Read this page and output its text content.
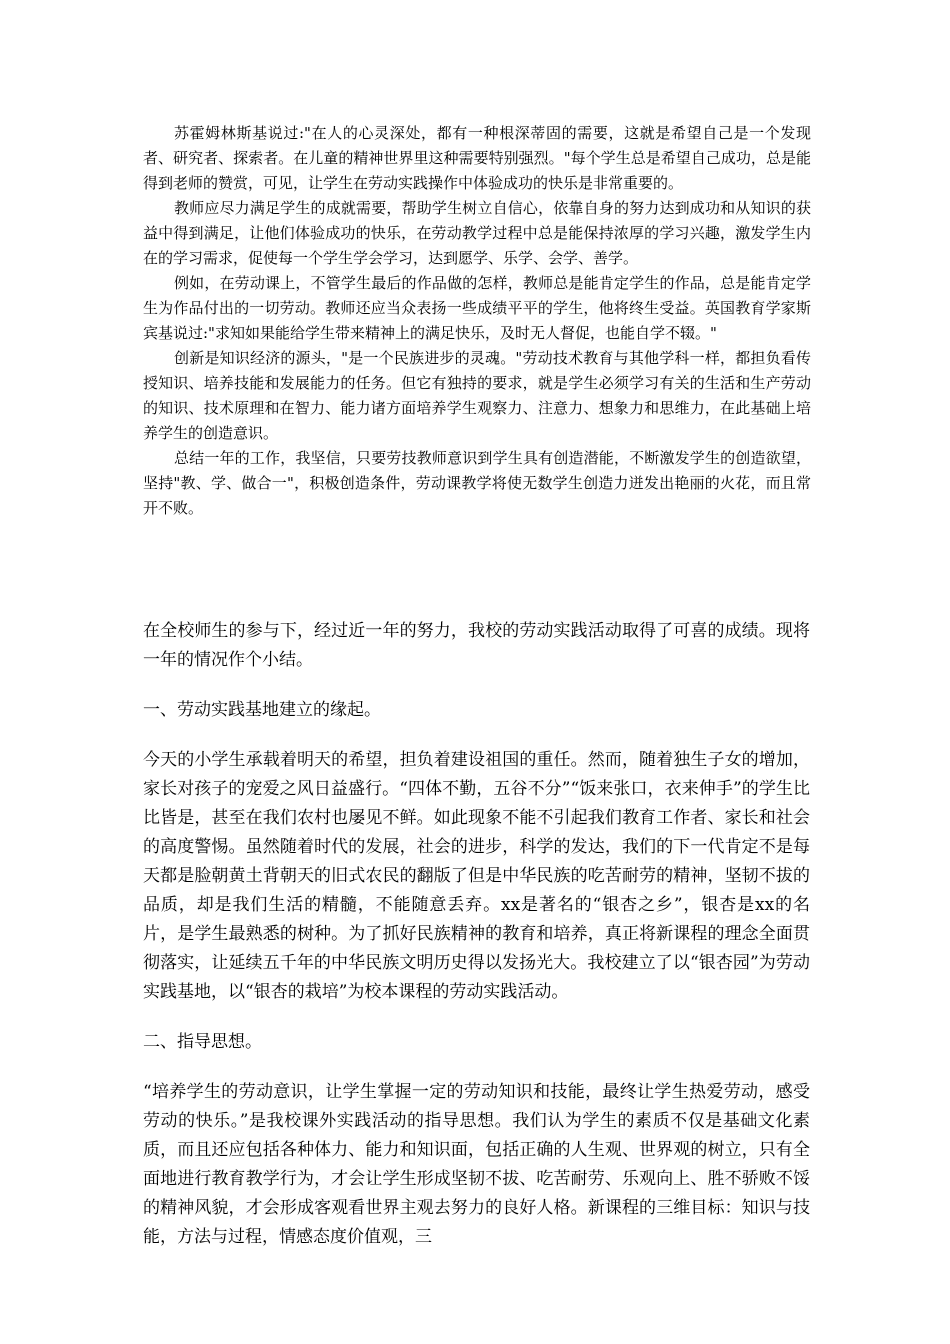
苏霍姆林斯基说过:"在人的心灵深处，都有一种根深蒂固的需要，这就是希望自己是一个发现者、研究者、探索者。在儿童的精神世界里这种需要特别强烈。"每个学生总是希望自己成功，总是能得到老师的赞赏，可见，让学生在劳动实践操作中体验成功的快乐是非常重要的。

教师应尽力满足学生的成就需要，帮助学生树立自信心，依靠自身的努力达到成功和从知识的获益中得到满足，让他们体验成功的快乐，在劳动教学过程中总是能保持浓厚的学习兴趣，激发学生内在的学习需求，促使每一个学生学会学习，达到愿学、乐学、会学、善学。

例如，在劳动课上，不管学生最后的作品做的怎样，教师总是能肯定学生的作品，总是能肯定学生为作品付出的一切劳动。教师还应当众表扬一些成绩平平的学生，他将终生受益。英国教育学家斯宾基说过:"求知如果能给学生带来精神上的满足快乐，及时无人督促，也能自学不辍。"

创新是知识经济的源头，"是一个民族进步的灵魂。"劳动技术教育与其他学科一样，都担负看传授知识、培养技能和发展能力的任务。但它有独持的要求，就是学生必须学习有关的生活和生产劳动的知识、技术原理和在智力、能力诸方面培养学生观察力、注意力、想象力和思维力，在此基础上培养学生的创造意识。

总结一年的工作，我坚信，只要劳技教师意识到学生具有创造潜能，不断激发学生的创造欲望，坚持"教、学、做合一"，积极创造条件，劳动课教学将使无数学生创造力迸发出艳丽的火花，而且常开不败。

在全校师生的参与下，经过近一年的努力，我校的劳动实践活动取得了可喜的成绩。现将一年的情况作个小结。

一、劳动实践基地建立的缘起。

今天的小学生承载着明天的希望，担负着建设祖国的重任。然而，随着独生子女的增加，家长对孩子的宠爱之风日益盛行。“四体不勤，五谷不分”“饭来张口，衣来伸手”的学生比比皆是，甚至在我们农村也屡见不鲜。如此现象不能不引起我们教育工作者、家长和社会的高度警惕。虽然随着时代的发展，社会的进步，科学的发达，我们的下一代肯定不是每天都是脸朝黄土背朝天的旧式农民的翻版了但是中华民族的吃苦耐劳的精神，坚韧不拔的品质，却是我们生活的精髓，不能随意丢弃。xx是著名的“银杏之乡”，银杏是xx的名片，是学生最熟悉的树种。为了抓好民族精神的教育和培养，真正将新课程的理念全面贯彻落实，让延续五千年的中华民族文明历史得以发扬光大。我校建立了以“银杏园”为劳动实践基地，以“银杏的栽培”为校本课程的劳动实践活动。

二、指导思想。

“培养学生的劳动意识，让学生掌握一定的劳动知识和技能，最终让学生热爱劳动，感受劳动的快乐。”是我校课外实践活动的指导思想。我们认为学生的素质不仅是基础文化素质，而且还应包括各种体力、能力和知识面，包括正确的人生观、世界观的树立，只有全面地进行教育教学行为，才会让学生形成坚韧不拔、吃苦耐劳、乐观向上、胜不骄败不馁的精神风貌，才会形成客观看世界主观去努力的良好人格。新课程的三维目标：知识与技能，方法与过程，情感态度价值观，三
